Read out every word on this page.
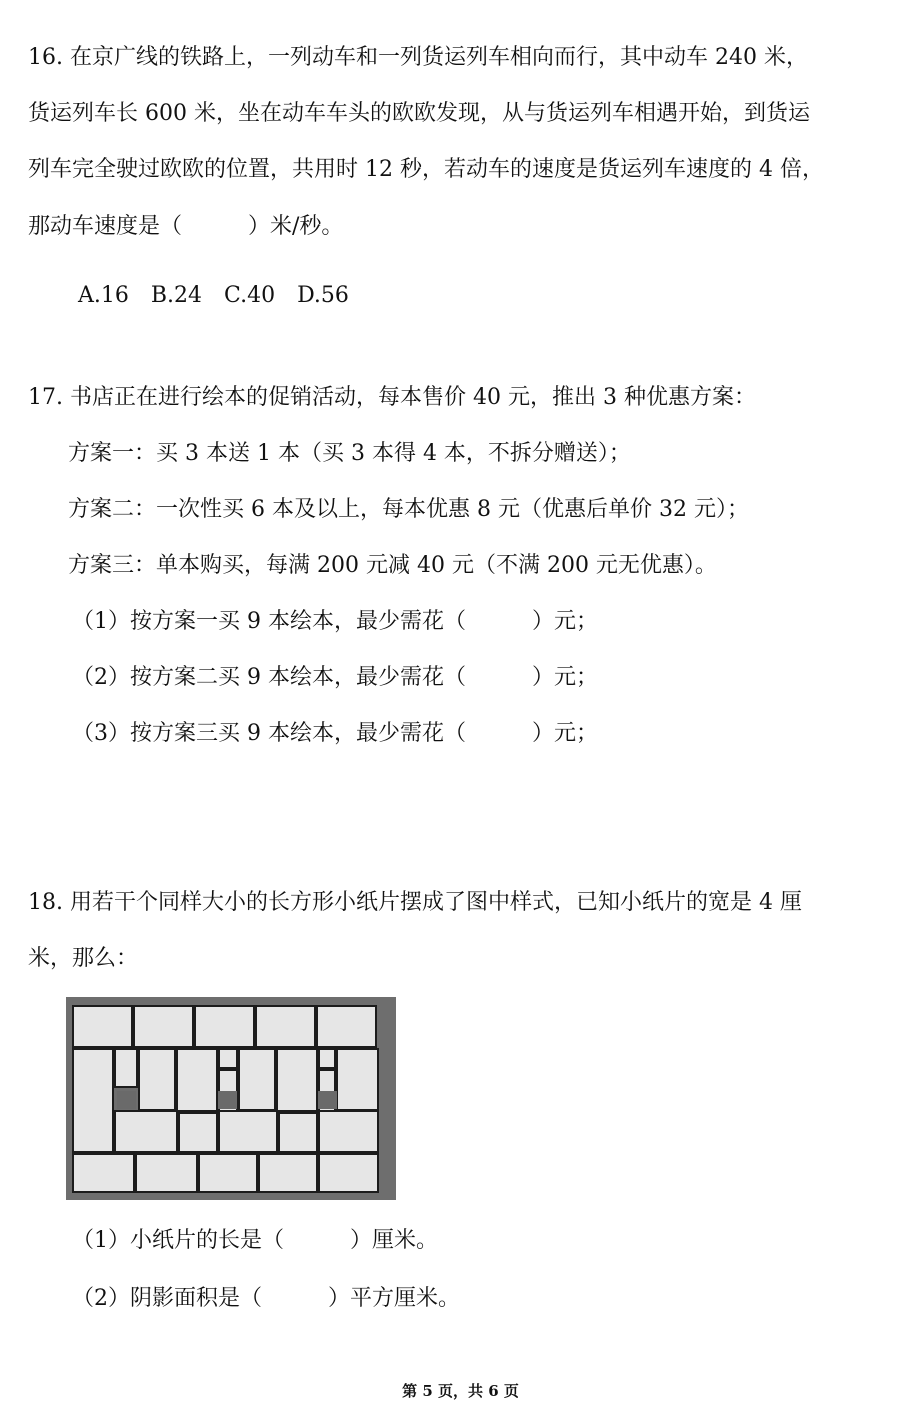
16. 在京广线的铁路上，一列动车和一列货运列车相向而行，其中动车 240 米，
货运列车长 600 米，坐在动车车头的欧欧发现，从与货运列车相遇开始，到货运
列车完全驶过欧欧的位置，共用时 12 秒，若动车的速度是货运列车速度的 4 倍，
那动车速度是（　　　）米/秒。
A.16　B.24　C.40　D.56
17. 书店正在进行绘本的促销活动，每本售价 40 元，推出 3 种优惠方案：
方案一：买 3 本送 1 本（买 3 本得 4 本，不拆分赠送）；
方案二：一次性买 6 本及以上，每本优惠 8 元（优惠后单价 32 元）；
方案三：单本购买，每满 200 元减 40 元（不满 200 元无优惠）。
（1）按方案一买 9 本绘本，最少需花（　　　）元；
（2）按方案二买 9 本绘本，最少需花（　　　）元；
（3）按方案三买 9 本绘本，最少需花（　　　）元；
18. 用若干个同样大小的长方形小纸片摆成了图中样式，已知小纸片的宽是 4 厘
米，那么：
（1）小纸片的长是（　　　）厘米。
（2）阴影面积是（　　　）平方厘米。
第 5 页，共 6 页
